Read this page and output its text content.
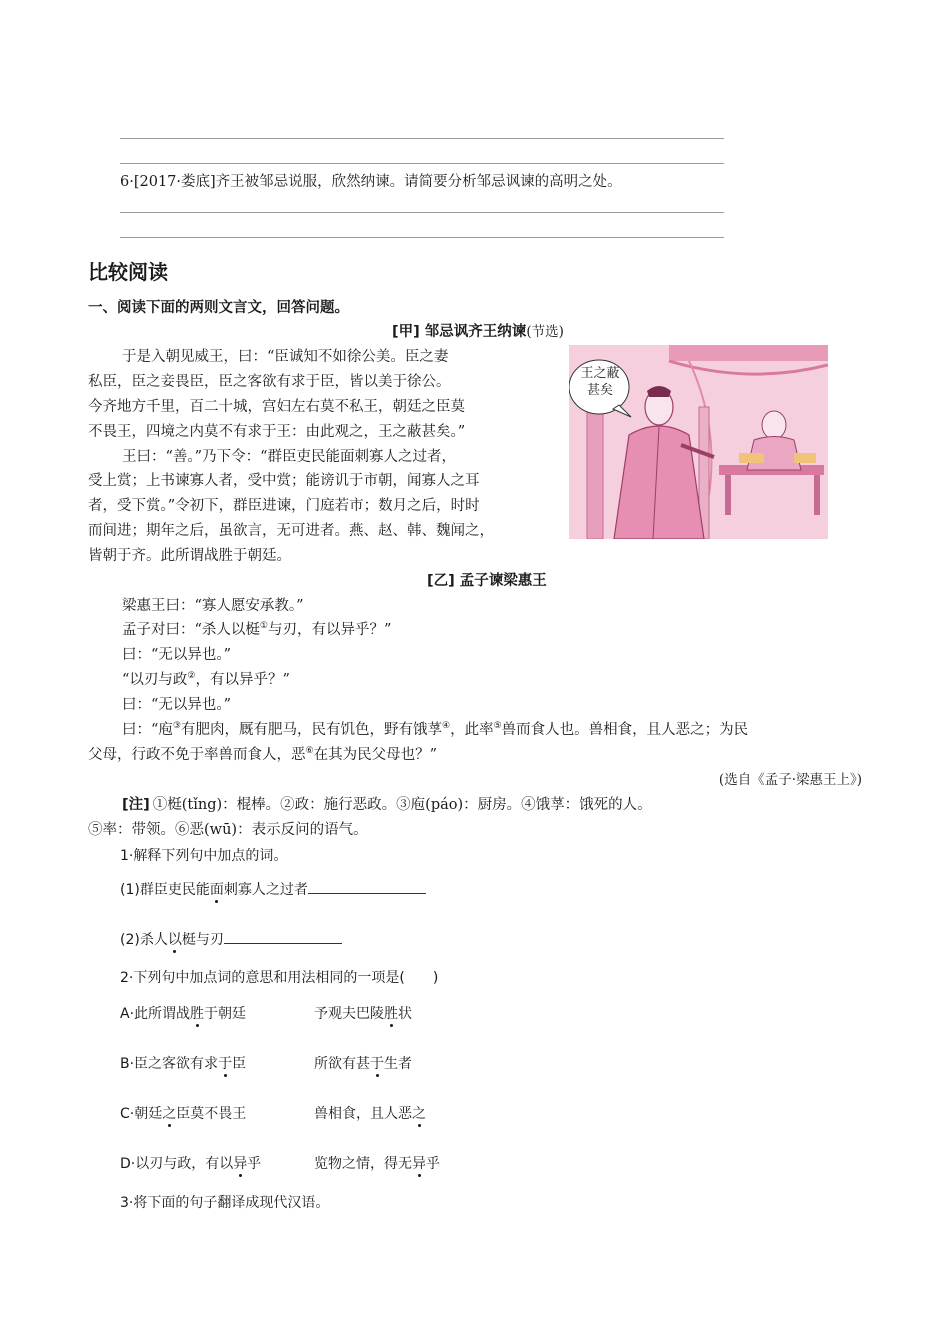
6·[2017·娄底]齐王被邹忌说服，欣然纳谏。请简要分析邹忌讽谏的高明之处。
比较阅读
一、阅读下面的两则文言文，回答问题。
[甲] 邹忌讽齐王纳谏(节选)
于是入朝见威王，曰：“臣诚知不如徐公美。臣之妻
私臣，臣之妾畏臣，臣之客欲有求于臣，皆以美于徐公。
今齐地方千里，百二十城，宫妇左右莫不私王，朝廷之臣莫
不畏王，四境之内莫不有求于王：由此观之，王之蔽甚矣。”
王曰：“善。”乃下令：“群臣吏民能面刺寡人之过者，
受上赏；上书谏寡人者，受中赏；能谤讥于市朝，闻寡人之耳
者，受下赏。”令初下，群臣进谏，门庭若市；数月之后，时时
而间进；期年之后，虽欲言，无可进者。燕、赵、韩、魏闻之，
皆朝于齐。此所谓战胜于朝廷。
王之蔽
甚矣
[乙] 孟子谏梁惠王
梁惠王曰：“寡人愿安承教。”
孟子对曰：“杀人以梃①与刃，有以异乎？”
曰：“无以异也。”
“以刃与政②，有以异乎？”
曰：“无以异也。”
曰：“庖③有肥肉，厩有肥马，民有饥色，野有饿莩④，此率⑤兽而食人也。兽相食，且人恶之；为民
父母，行政不免于率兽而食人，恶⑥在其为民父母也？”
(选自《孟子·梁惠王上》)
[注] ①梃(tǐng)：棍棒。②政：施行恶政。③庖(páo)：厨房。④饿莩：饿死的人。
⑤率：带领。⑥恶(wū)：表示反问的语气。
1·解释下列句中加点的词。
(1)群臣吏民能面刺寡人之过者
(2)杀人以梃与刃
2·下列句中加点词的意思和用法相同的一项是(　　)
A·此所谓战胜于朝廷	予观夫巴陵胜状
B·臣之客欲有求于臣	所欲有甚于生者
C·朝廷之臣莫不畏王	兽相食，且人恶之
D·以刃与政，有以异乎	览物之情，得无异乎
3·将下面的句子翻译成现代汉语。
